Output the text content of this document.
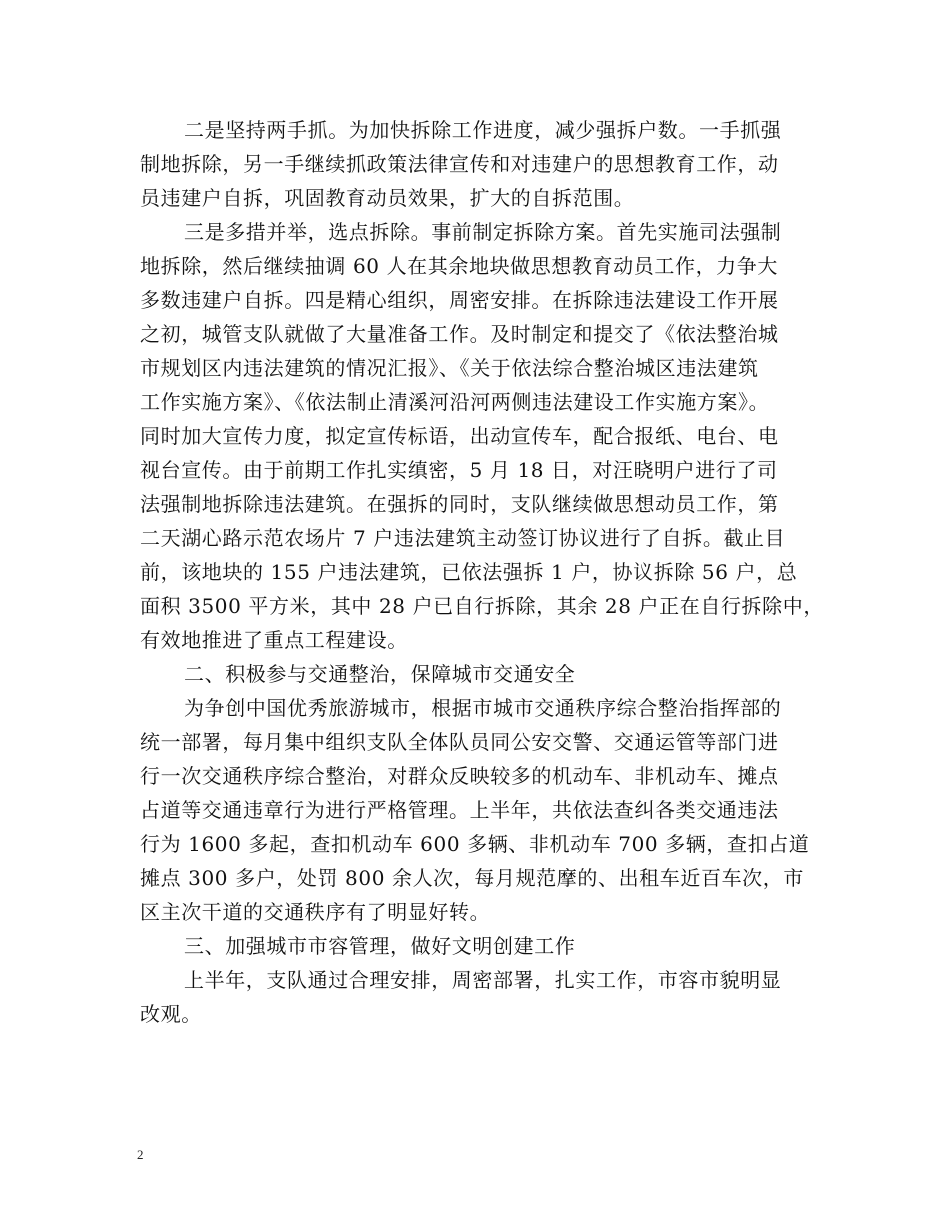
二是坚持两手抓。为加快拆除工作进度，减少强拆户数。一手抓强
制地拆除，另一手继续抓政策法律宣传和对违建户的思想教育工作，动
员违建户自拆，巩固教育动员效果，扩大的自拆范围。
三是多措并举，选点拆除。事前制定拆除方案。首先实施司法强制
地拆除，然后继续抽调 60 人在其余地块做思想教育动员工作，力争大
多数违建户自拆。四是精心组织，周密安排。在拆除违法建设工作开展
之初，城管支队就做了大量准备工作。及时制定和提交了《依法整治城
市规划区内违法建筑的情况汇报》、《关于依法综合整治城区违法建筑
工作实施方案》、《依法制止清溪河沿河两侧违法建设工作实施方案》。
同时加大宣传力度，拟定宣传标语，出动宣传车，配合报纸、电台、电
视台宣传。由于前期工作扎实缜密，5 月 18 日，对汪晓明户进行了司
法强制地拆除违法建筑。在强拆的同时，支队继续做思想动员工作，第
二天湖心路示范农场片 7 户违法建筑主动签订协议进行了自拆。截止目
前，该地块的 155 户违法建筑，已依法强拆 1 户，协议拆除 56 户，总
面积 3500 平方米，其中 28 户已自行拆除，其余 28 户正在自行拆除中，
有效地推进了重点工程建设。
二、积极参与交通整治，保障城市交通安全
为争创中国优秀旅游城市，根据市城市交通秩序综合整治指挥部的
统一部署，每月集中组织支队全体队员同公安交警、交通运管等部门进
行一次交通秩序综合整治，对群众反映较多的机动车、非机动车、摊点
占道等交通违章行为进行严格管理。上半年，共依法查纠各类交通违法
行为 1600 多起，查扣机动车 600 多辆、非机动车 700 多辆，查扣占道
摊点 300 多户，处罚 800 余人次，每月规范摩的、出租车近百车次，市
区主次干道的交通秩序有了明显好转。
三、加强城市市容管理，做好文明创建工作
上半年，支队通过合理安排，周密部署，扎实工作，市容市貌明显
改观。
2
